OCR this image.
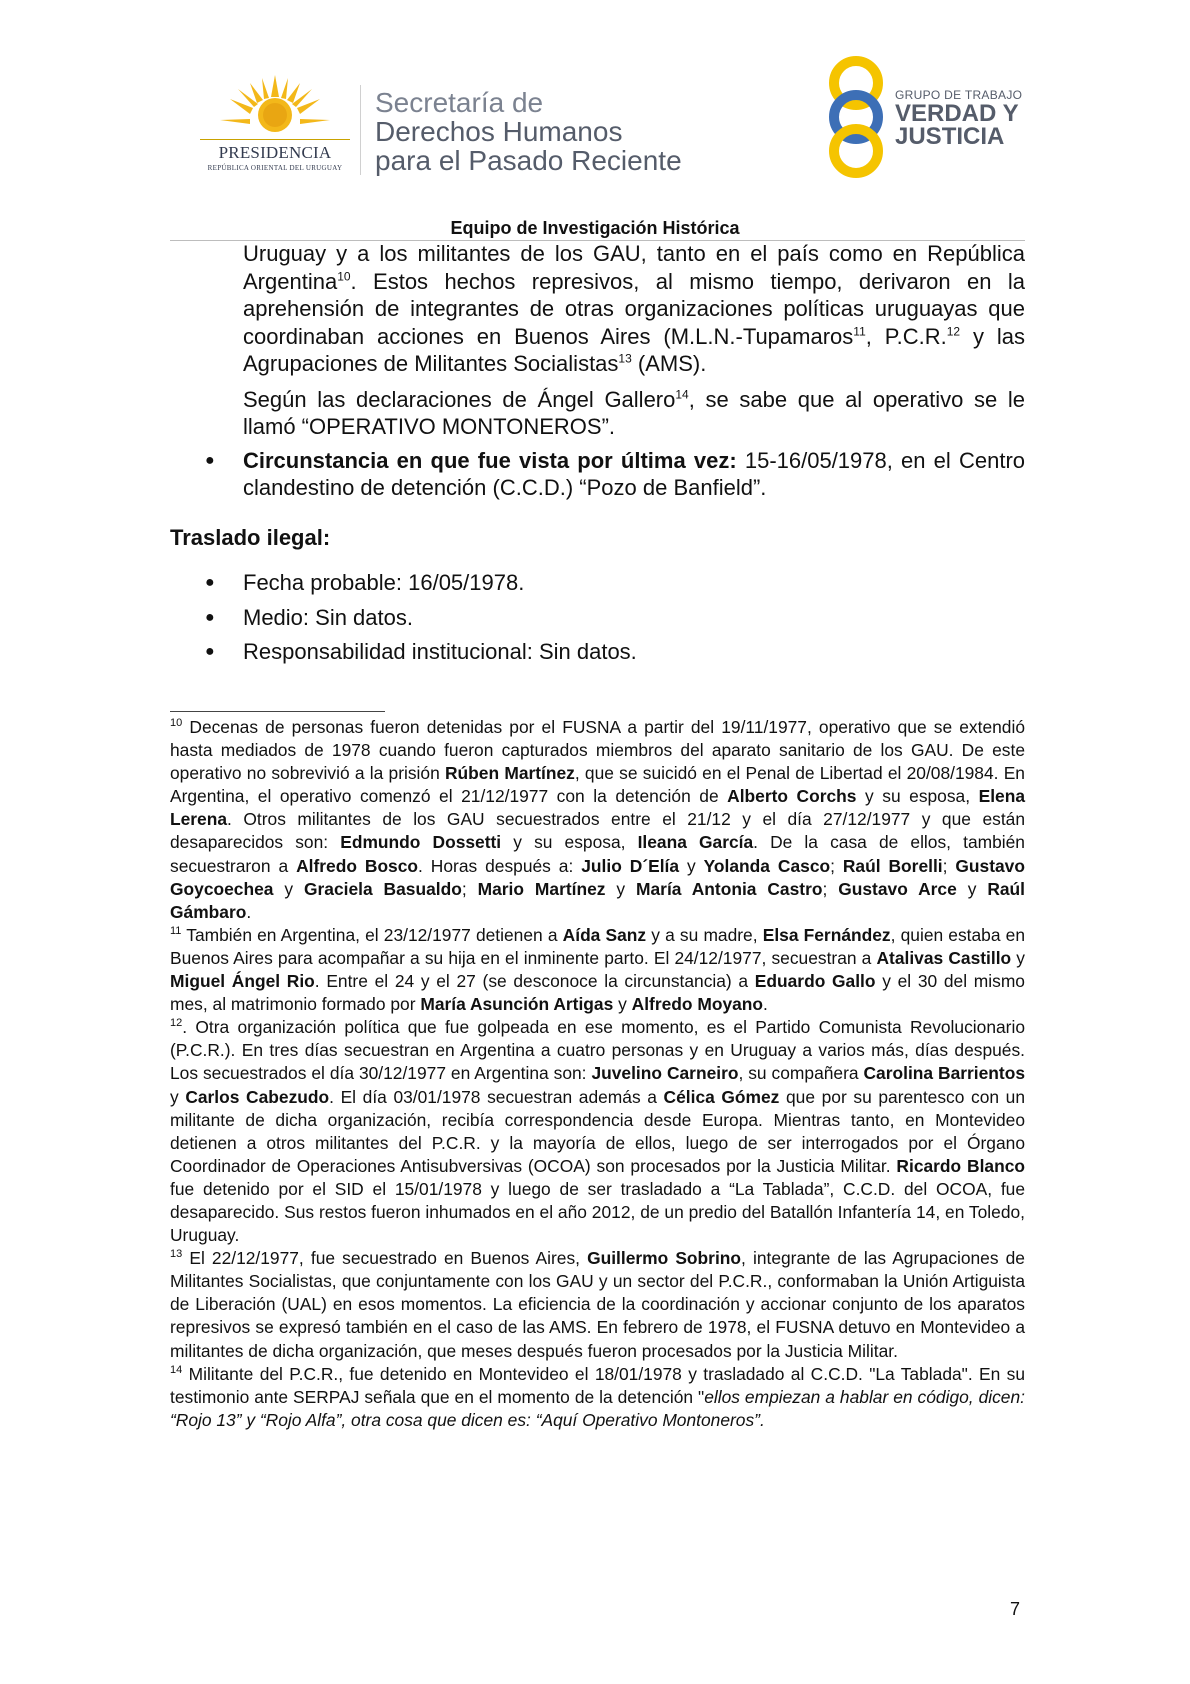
PRESIDENCIA
REPÚBLICA ORIENTAL DEL URUGUAY
Secretaría de
Derechos Humanos
para el Pasado Reciente
GRUPO DE TRABAJO
VERDAD Y
JUSTICIA
Equipo de Investigación Histórica

Uruguay y a los militantes de los GAU, tanto en el país como en República Argentina$^{10}$. Estos hechos represivos, al mismo tiempo, derivaron en la aprehensión de integrantes de otras organizaciones políticas uruguayas que coordinaban acciones en Buenos Aires (M.L.N.-Tupamaros$^{11}$, P.C.R.$^{12}$ y las Agrupaciones de Militantes Socialistas$^{13}$ (AMS).

Según las declaraciones de Ángel Gallero$^{14}$, se sabe que al operativo se le llamó “OPERATIVO MONTONEROS”.

● Circunstancia en que fue vista por última vez: 15-16/05/1978, en el Centro clandestino de detención (C.C.D.) “Pozo de Banfield”.
Traslado ilegal:
● Fecha probable: 16/05/1978.
● Medio: Sin datos.
● Responsabilidad institucional: Sin datos.

$^{10}$ Decenas de personas fueron detenidas por el FUSNA a partir del 19/11/1977, operativo que se extendió hasta mediados de 1978 cuando fueron capturados miembros del aparato sanitario de los GAU. De este operativo no sobrevivió a la prisión Rúben Martínez, que se suicidó en el Penal de Libertad el 20/08/1984. En Argentina, el operativo comenzó el 21/12/1977 con la detención de Alberto Corchs y su esposa, Elena Lerena. Otros militantes de los GAU secuestrados entre el 21/12 y el día 27/12/1977 y que están desaparecidos son: Edmundo Dossetti y su esposa, Ileana García. De la casa de ellos, también secuestraron a Alfredo Bosco. Horas después a: Julio D´Elía y Yolanda Casco; Raúl Borelli; Gustavo Goycoechea y Graciela Basualdo; Mario Martínez y María Antonia Castro; Gustavo Arce y Raúl Gámbaro.

$^{11}$ También en Argentina, el 23/12/1977 detienen a Aída Sanz y a su madre, Elsa Fernández, quien estaba en Buenos Aires para acompañar a su hija en el inminente parto. El 24/12/1977, secuestran a Atalivas Castillo y Miguel Ángel Rio. Entre el 24 y el 27 (se desconoce la circunstancia) a Eduardo Gallo y el 30 del mismo mes, al matrimonio formado por María Asunción Artigas y Alfredo Moyano.

$^{12}$. Otra organización política que fue golpeada en ese momento, es el Partido Comunista Revolucionario (P.C.R.). En tres días secuestran en Argentina a cuatro personas y en Uruguay a varios más, días después. Los secuestrados el día 30/12/1977 en Argentina son: Juvelino Carneiro, su compañera Carolina Barrientos y Carlos Cabezudo. El día 03/01/1978 secuestran además a Célica Gómez que por su parentesco con un militante de dicha organización, recibía correspondencia desde Europa. Mientras tanto, en Montevideo detienen a otros militantes del P.C.R. y la mayoría de ellos, luego de ser interrogados por el Órgano Coordinador de Operaciones Antisubversivas (OCOA) son procesados por la Justicia Militar. Ricardo Blanco fue detenido por el SID el 15/01/1978 y luego de ser trasladado a “La Tablada”, C.C.D. del OCOA, fue desaparecido. Sus restos fueron inhumados en el año 2012, de un predio del Batallón Infantería 14, en Toledo, Uruguay.

$^{13}$ El 22/12/1977, fue secuestrado en Buenos Aires, Guillermo Sobrino, integrante de las Agrupaciones de Militantes Socialistas, que conjuntamente con los GAU y un sector del P.C.R., conformaban la Unión Artiguista de Liberación (UAL) en esos momentos. La eficiencia de la coordinación y accionar conjunto de los aparatos represivos se expresó también en el caso de las AMS. En febrero de 1978, el FUSNA detuvo en Montevideo a militantes de dicha organización, que meses después fueron procesados por la Justicia Militar.

$^{14}$ Militante del P.C.R., fue detenido en Montevideo el 18/01/1978 y trasladado al C.C.D. "La Tablada". En su testimonio ante SERPAJ señala que en el momento de la detención "ellos empiezan a hablar en código, dicen: “Rojo 13” y “Rojo Alfa”, otra cosa que dicen es: “Aquí Operativo Montoneros”.

7
